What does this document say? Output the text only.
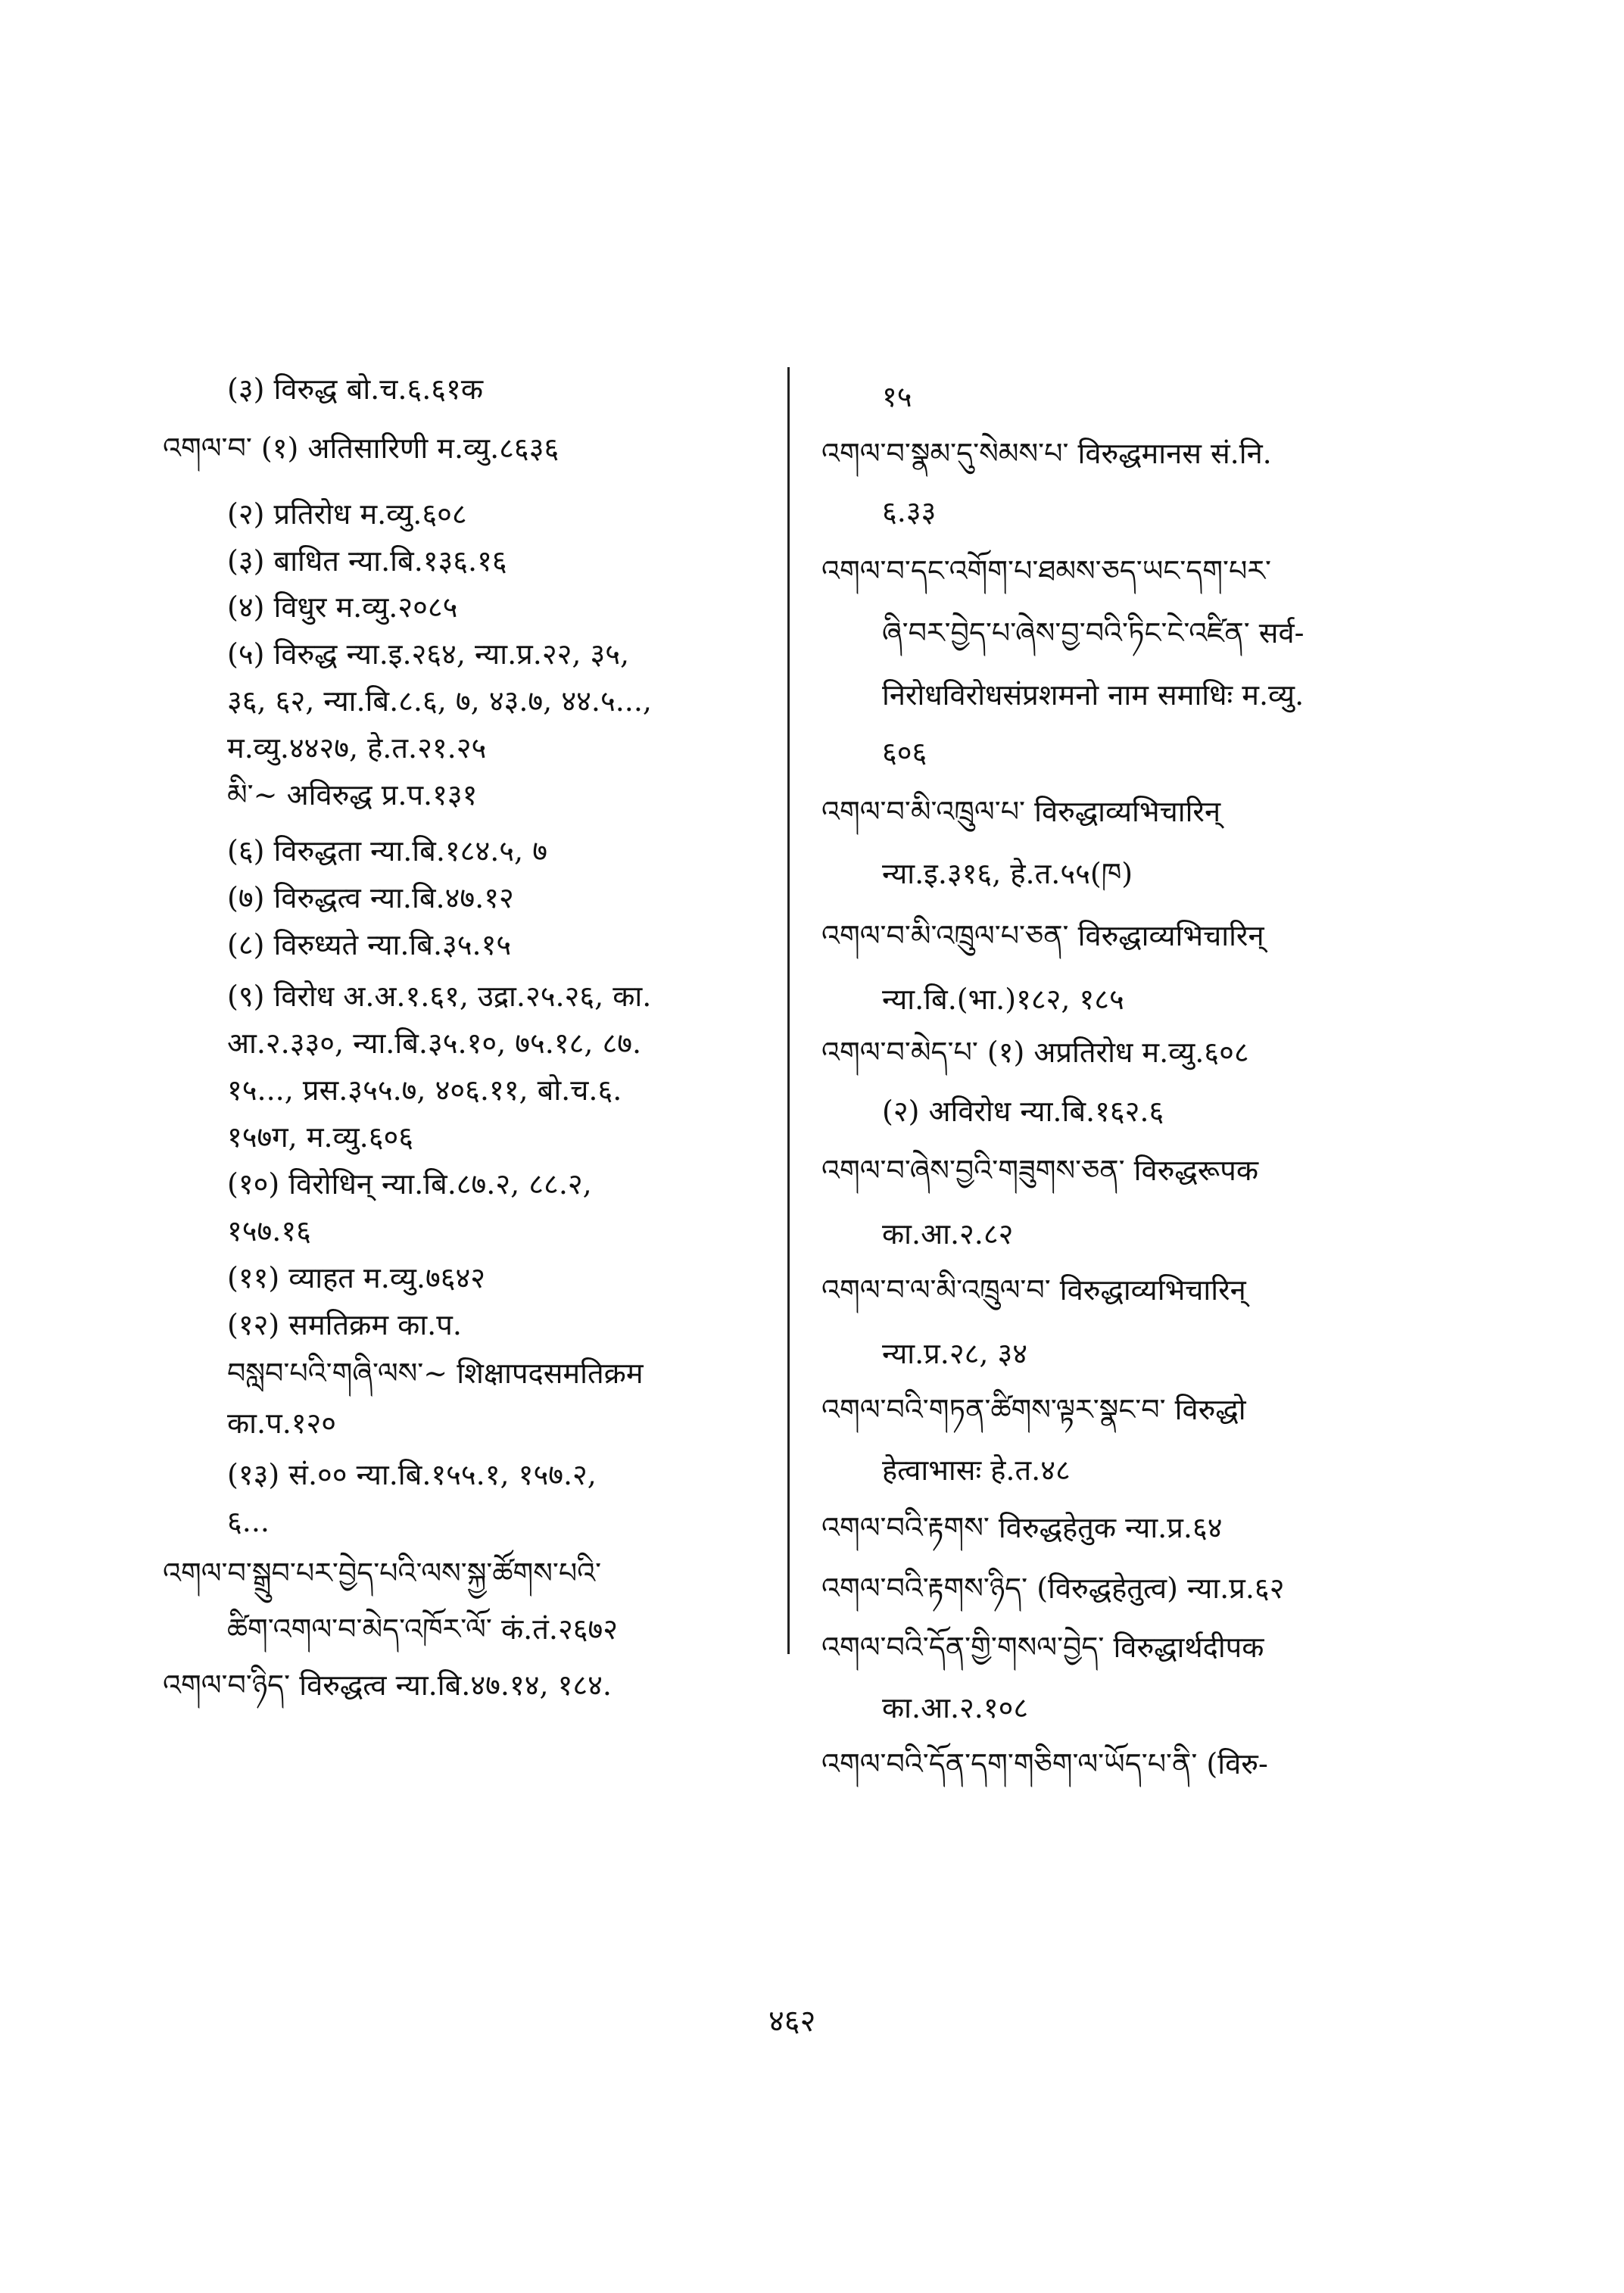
(३) विरुद्ध बो.च.६.६१क
འགལ་བ་ (१) अतिसारिणी म.व्यु.८६३६
(२) प्रतिरोध म.व्यु.६०८
(३) बाधित न्या.बि.१३६.१६
(४) विधुर म.व्यु.२०८५
(५) विरुद्ध न्या.इ.२६४, न्या.प्र.२२, ३५,
३६, ६२, न्या.बि.८.६, ७, ४३.७, ४४.५...,
म.व्यु.४४२७, हे.त.२१.२५
མི་~ अविरुद्ध प्र.प.१३१
(६) विरुद्धता न्या.बि.१८४.५, ७
(७) विरुद्धत्व न्या.बि.४७.१२
(८) विरुध्यते न्या.बि.३५.१५
(९) विरोध अ.अ.१.६१, उद्रा.२५.२६, का.
आ.२.३३०, न्या.बि.३५.१०, ७५.१८, ८७.
१५..., प्रस.३५५.७, ४०६.११, बो.च.६.
१५७ग, म.व्यु.६०६
(१०) विरोधिन् न्या.बि.८७.२, ८८.२,
१५७.१६
(११) व्याहत म.व्यु.७६४२
(१२) समतिक्रम का.प.
བསླབ་པའི་གཞི་ལས་~ शिक्षापदसमतिक्रम
का.प.१२०
(१३) सं.०० न्या.बि.१५५.१, १५७.२,
६...
འགལ་བ་སྒྲུབ་པར་བྱེད་པའི་ལས་སྐྱ་ཚོགས་པའི་
ཚིག་འགལ་བ་མེད་འཁོར་ལོ་ कं.तं.२६७२
འགལ་བ་ཉིད་ विरुद्धत्व न्या.बि.४७.१४, १८४.
१५
འགལ་བ་སྣམ་དུ་སེམས་པ་ विरुद्धमानस सं.नि.
६.३३
འགལ་བ་དང་འགོག་པ་ཐམས་ཅད་ཡང་དག་པར་
ཞི་བར་བྱེད་པ་ཞེས་བྱ་བའི་ཏིང་ངེ་འཛིན་ सर्व-
निरोधविरोधसंप्रशमनो नाम समाधिः म.व्यु.
६०६
འགལ་བ་མི་འཁྲུལ་པ་ विरुद्धाव्यभिचारिन्
न्या.इ.३१६, हे.त.५५(ཁ)
འགལ་བ་མི་འཁྲུལ་པ་ཅན་ विरुद्धाव्यभिचारिन्
न्या.बि.(भा.)१८२, १८५
འགལ་བ་མེད་པ་ (१) अप्रतिरोध म.व्यु.६०८
(२) अविरोध न्या.बि.१६२.६
འགལ་བ་ཞེས་བྱའི་གཟུགས་ཅན་ विरुद्धरूपक
का.आ.२.८२
འགལ་བ་ལ་མི་འཁྲུལ་བ་ विरुद्धाव्यभिचारिन्
न्या.प्र.२८, ३४
འགལ་བའི་གཏན་ཚིགས་ལྟར་སྣང་བ་ विरुद्धो
हेत्वाभासः हे.त.४८
འགལ་བའི་རྟགས་ विरुद्धहेतुक न्या.प्र.६४
འགལ་བའི་རྟགས་ཉིད་ (विरुद्धहेतुत्व) न्या.प्र.६२
འགལ་བའི་དོན་གྱི་གསལ་བྱེད་ विरुद्धार्थदीपक
का.आ.२.१०८
འགལ་བའི་དོན་དག་གཅིག་ལ་ཡོད་པ་ནི་ (विरु-
४६२
